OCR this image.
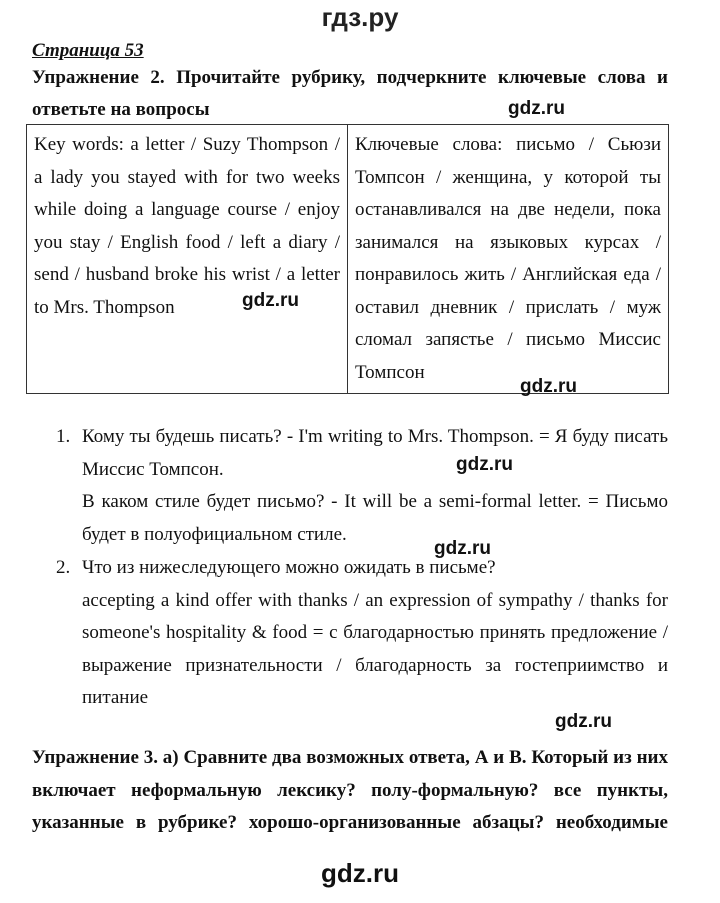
гдз.ру
Страница 53
Упражнение 2. Прочитайте рубрику, подчеркните ключевые слова и
ответьте на вопросы	gdz.ru
Key words: a letter / Suzy Thompson / a lady you stayed with for two weeks while doing a language course / enjoy you stay / English food / left a diary / send / husband broke his wrist / a letter to Mrs. Thompson	Ключевые слова: письмо / Сьюзи Томпсон / женщина, у которой ты останавливался на две недели, пока занимался на языковых курсах / понравилось жить / Английская еда / оставил дневник / прислать / муж сломал запястье / письмо Миссис Томпсон
gdz.ru
gdz.ru
1. Кому ты будешь писать? - I'm writing to Mrs. Thompson. = Я буду писать Миссис Томпсон.

В каком стиле будет письмо? - It will be a semi-formal letter. = Письмо будет в полуофициальном стиле.

gdz.ru
gdz.ru
2. Что из нижеследующего можно ожидать в письме?

accepting a kind offer with thanks / an expression of sympathy / thanks for someone's hospitality & food = с благодарностью принять предложение / выражение признательности / благодарность за гостеприимство и питание

gdz.ru
Упражнение 3. а) Сравните два возможных ответа, А и В. Который из них включает неформальную лексику? полу-формальную? все пункты, указанные в рубрике? хорошо-организованные абзацы? необходимые
gdz.ru
